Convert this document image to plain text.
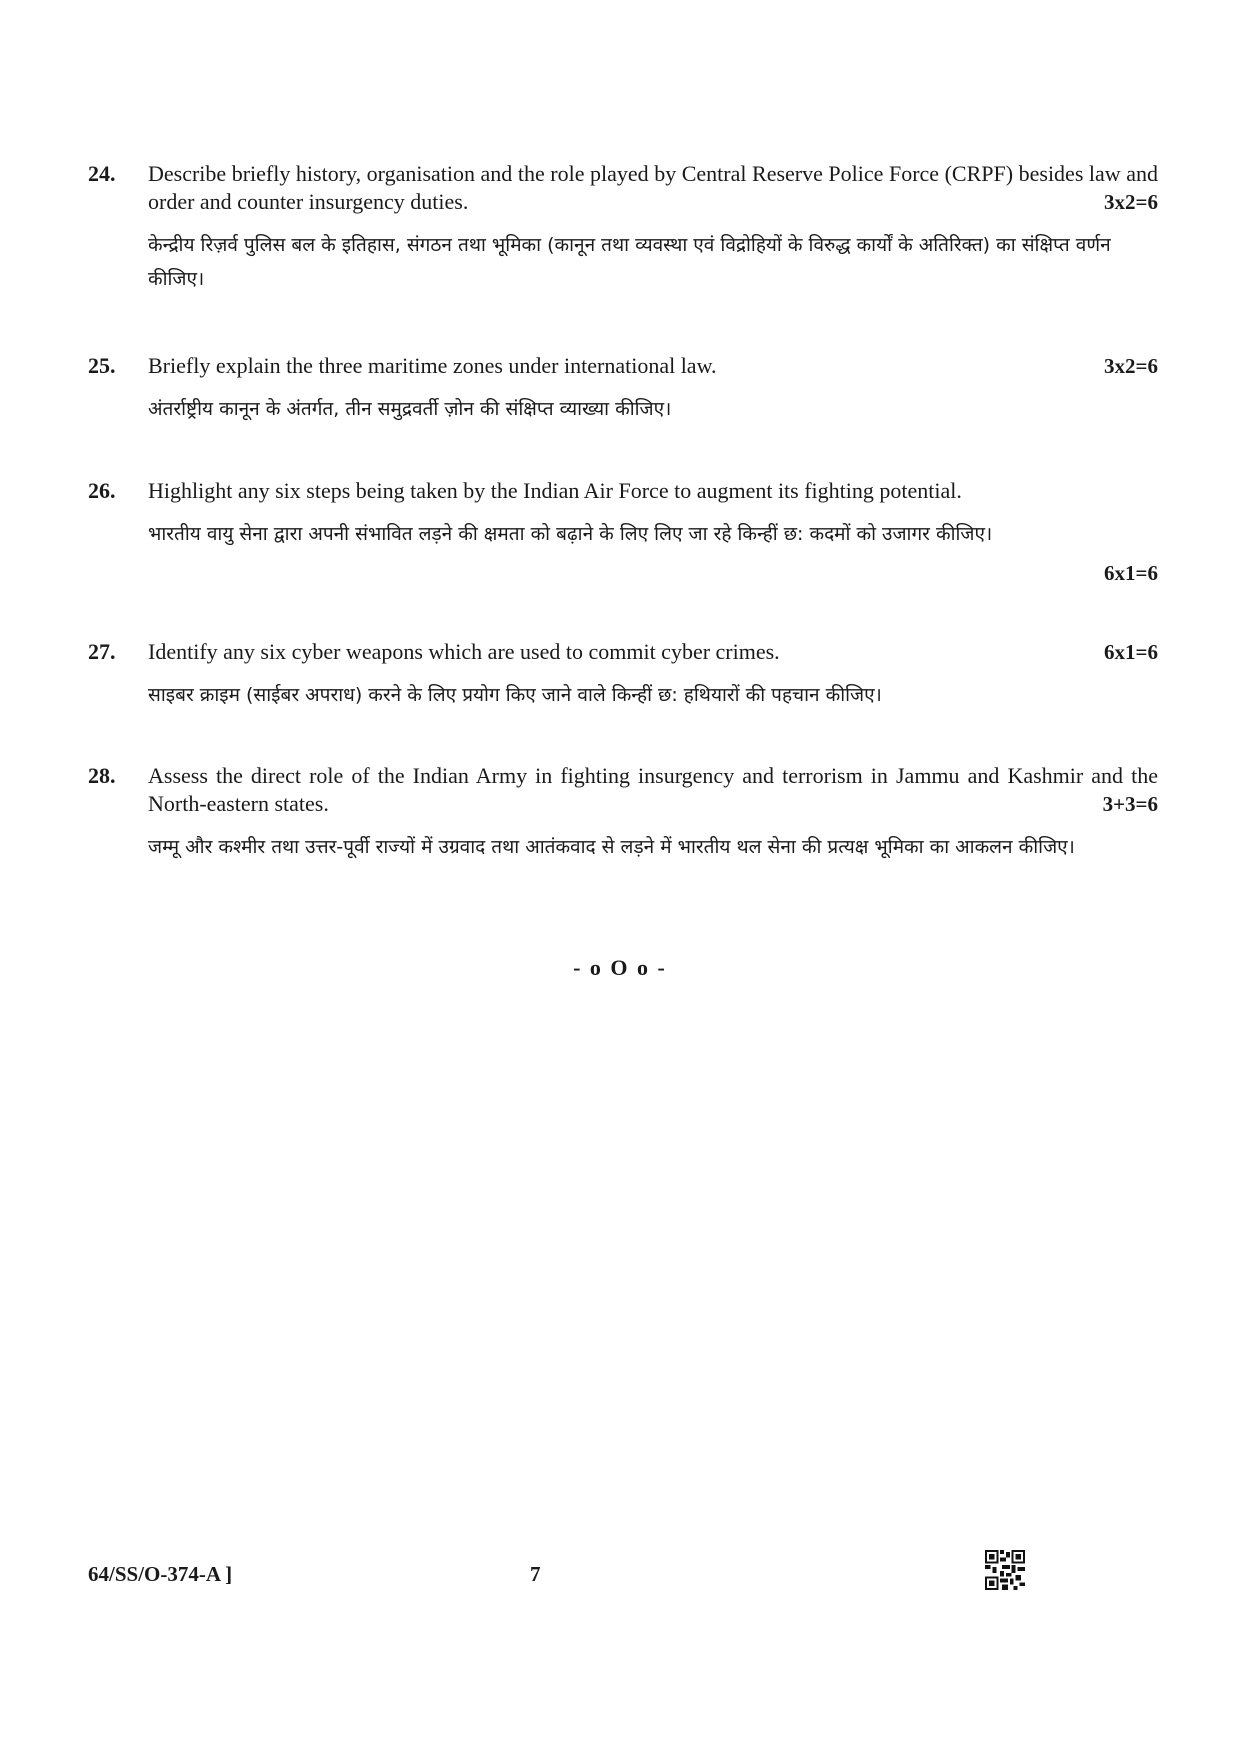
24. Describe briefly history, organisation and the role played by Central Reserve Police Force (CRPF) besides law and order and counter insurgency duties.	3x2=6
केन्द्रीय रिज़र्व पुलिस बल के इतिहास, संगठन तथा भूमिका (कानून तथा व्यवस्था एवं विद्रोहियों के विरुद्ध कार्यों के अतिरिक्त) का संक्षिप्त वर्णन कीजिए।
25. Briefly explain the three maritime zones under international law.	3x2=6
अंतर्राष्ट्रीय कानून के अंतर्गत, तीन समुद्रवर्ती ज़ोन की संक्षिप्त व्याख्या कीजिए।
26. Highlight any six steps being taken by the Indian Air Force to augment its fighting potential.
भारतीय वायु सेना द्वारा अपनी संभावित लड़ने की क्षमता को बढ़ाने के लिए लिए जा रहे किन्हीं छ: कदमों को उजागर कीजिए।
6x1=6
27. Identify any six cyber weapons which are used to commit cyber crimes.	6x1=6
साइबर क्राइम (साईबर अपराध) करने के लिए प्रयोग किए जाने वाले किन्हीं छ: हथियारों की पहचान कीजिए।
28. Assess the direct role of the Indian Army in fighting insurgency and terrorism in Jammu and Kashmir and the North-eastern states.	3+3=6
जम्मू और कश्मीर तथा उत्तर-पूर्वी राज्यों में उग्रवाद तथा आतंकवाद से लड़ने में भारतीय थल सेना की प्रत्यक्ष भूमिका का आकलन कीजिए।
- o O o -
64/SS/O-374-A ]	7
